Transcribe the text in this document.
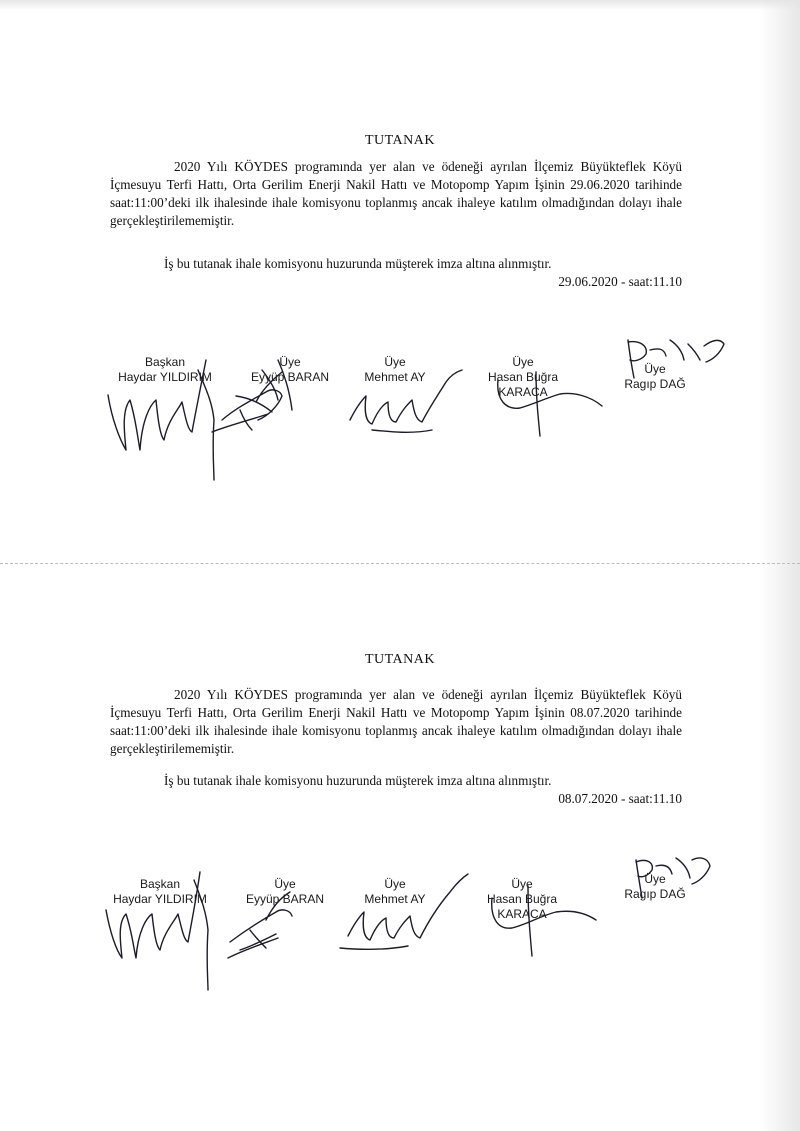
TUTANAK
2020 Yılı KÖYDES programında yer alan ve ödeneği ayrılan İlçemiz Büyükteflek Köyü İçmesuyu Terfi Hattı, Orta Gerilim Enerji Nakil Hattı ve Motopomp Yapım İşinin 29.06.2020 tarihinde saat:11:00’deki ilk ihalesinde ihale komisyonu toplanmış ancak ihaleye katılım olmadığından dolayı ihale gerçekleştirilememiştir.
İş bu tutanak ihale komisyonu huzurunda müşterek imza altına alınmıştır.
29.06.2020 - saat:11.10
Başkan
Haydar YILDIRIM
Üye
Eyyüp BARAN
Üye
Mehmet AY
Üye
Hasan Buğra KARACA
Üye
Ragıp DAĞ
TUTANAK
2020 Yılı KÖYDES programında yer alan ve ödeneği ayrılan İlçemiz Büyükteflek Köyü İçmesuyu Terfi Hattı, Orta Gerilim Enerji Nakil Hattı ve Motopomp Yapım İşinin 08.07.2020 tarihinde saat:11:00’deki ilk ihalesinde ihale komisyonu toplanmış ancak ihaleye katılım olmadığından dolayı ihale gerçekleştirilememiştir.
İş bu tutanak ihale komisyonu huzurunda müşterek imza altına alınmıştır.
08.07.2020 - saat:11.10
Başkan
Haydar YILDIRIM
Üye
Eyyüp BARAN
Üye
Mehmet AY
Üye
Hasan Buğra KARACA
Üye
Ragıp DAĞ
